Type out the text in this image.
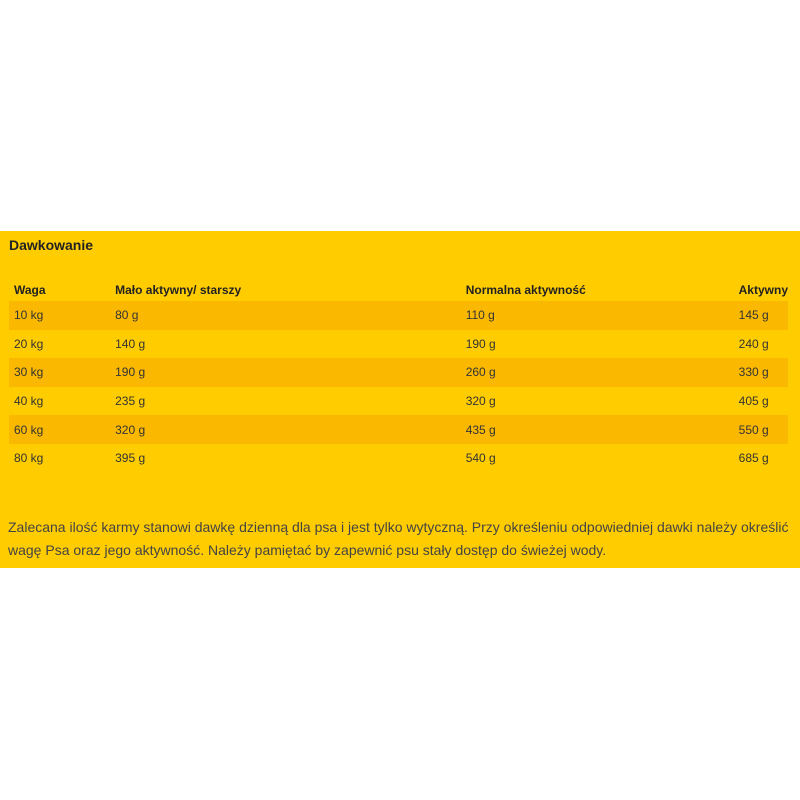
Dawkowanie
Waga	Mało aktywny/ starszy	Normalna aktywność	Aktywny
10 kg	80 g	110 g	145 g
20 kg	140 g	190 g	240 g
30 kg	190 g	260 g	330 g
40 kg	235 g	320 g	405 g
60 kg	320 g	435 g	550 g
80 kg	395 g	540 g	685 g
Zalecana ilość karmy stanowi dawkę dzienną dla psa i jest tylko wytyczną. Przy określeniu odpowiedniej dawki należy określić wagę Psa oraz jego aktywność. Należy pamiętać by zapewnić psu stały dostęp do świeżej wody.
